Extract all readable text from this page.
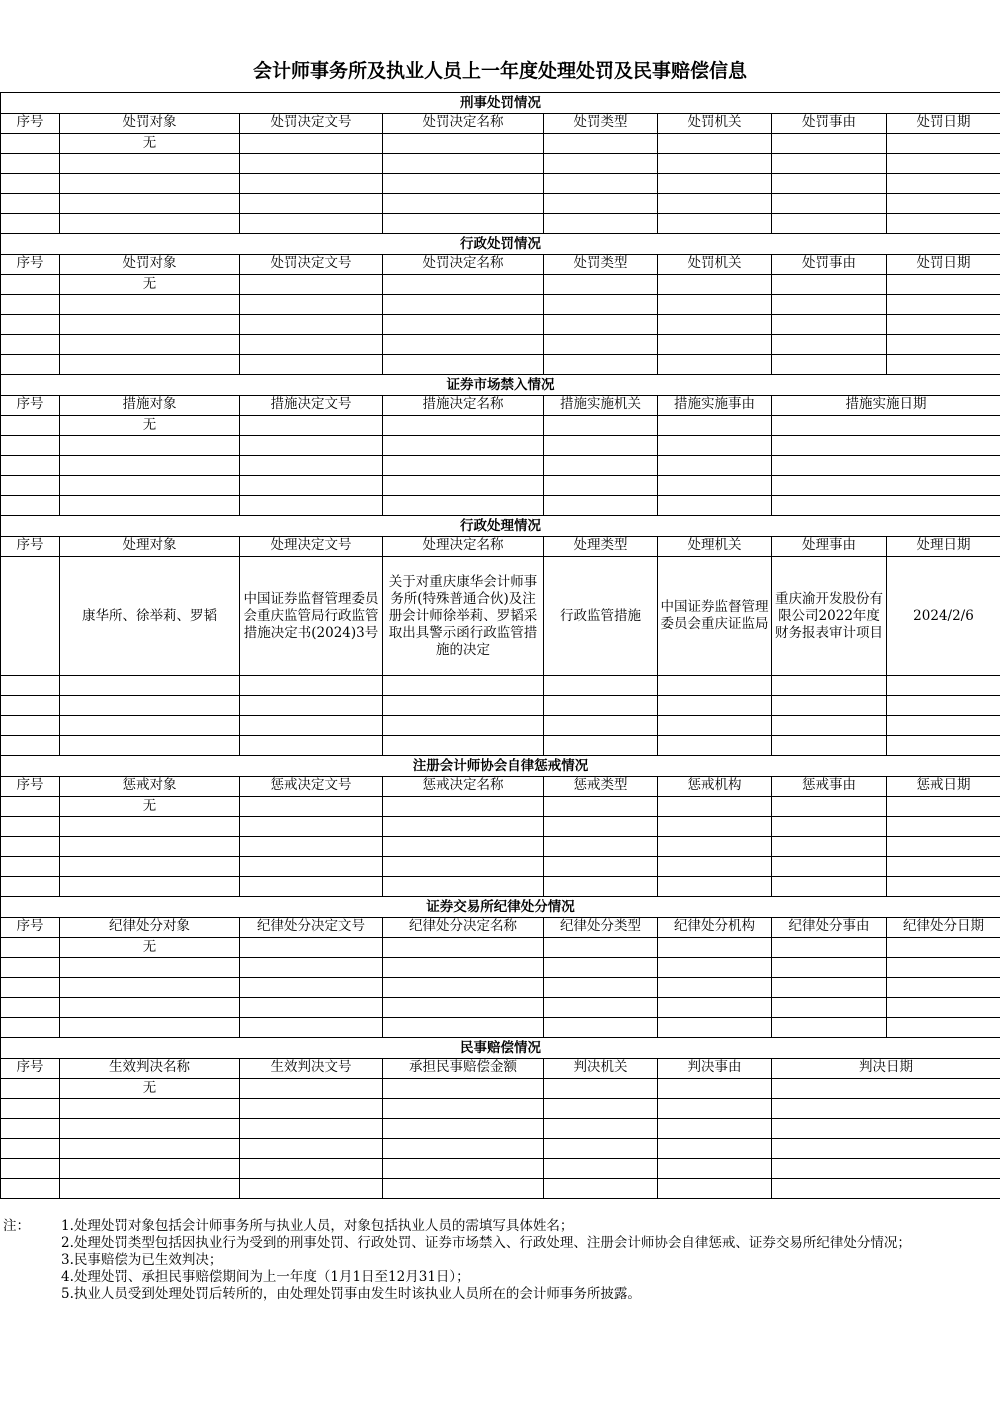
会计师事务所及执业人员上一年度处理处罚及民事赔偿信息
刑事处罚情况							
序号	处罚对象	处罚决定文号	处罚决定名称	处罚类型	处罚机关	处罚事由	处罚日期
	无						

行政处罚情况							
序号	处罚对象	处罚决定文号	处罚决定名称	处罚类型	处罚机关	处罚事由	处罚日期
	无						

证券市场禁入情况							
序号	措施对象	措施决定文号	措施决定名称	措施实施机关	措施实施事由	措施实施日期	
	无						

行政处理情况							
序号	处理对象	处理决定文号	处理决定名称	处理类型	处理机关	处理事由	处理日期
	康华所、徐举莉、罗韬	中国证券监督管理委员会重庆监管局行政监管措施决定书(2024)3号	关于对重庆康华会计师事务所(特殊普通合伙)及注册会计师徐举莉、罗韬采取出具警示函行政监管措施的决定	行政监管措施	中国证券监督管理委员会重庆证监局	重庆渝开发股份有限公司2022年度财务报表审计项目	2024/2/6

注册会计师协会自律惩戒情况							
序号	惩戒对象	惩戒决定文号	惩戒决定名称	惩戒类型	惩戒机构	惩戒事由	惩戒日期
	无						

证券交易所纪律处分情况							
序号	纪律处分对象	纪律处分决定文号	纪律处分决定名称	纪律处分类型	纪律处分机构	纪律处分事由	纪律处分日期
	无						

民事赔偿情况							
序号	生效判决名称	生效判决文号	承担民事赔偿金额	判决机关	判决事由	判决日期	
	无						

注： 1.处理处罚对象包括会计师事务所与执业人员，对象包括执业人员的需填写具体姓名；
2.处理处罚类型包括因执业行为受到的刑事处罚、行政处罚、证券市场禁入、行政处理、注册会计师协会自律惩戒、证券交易所纪律处分情况；
3.民事赔偿为已生效判决；
4.处理处罚、承担民事赔偿期间为上一年度（1月1日至12月31日）；
5.执业人员受到处理处罚后转所的，由处理处罚事由发生时该执业人员所在的会计师事务所披露。
